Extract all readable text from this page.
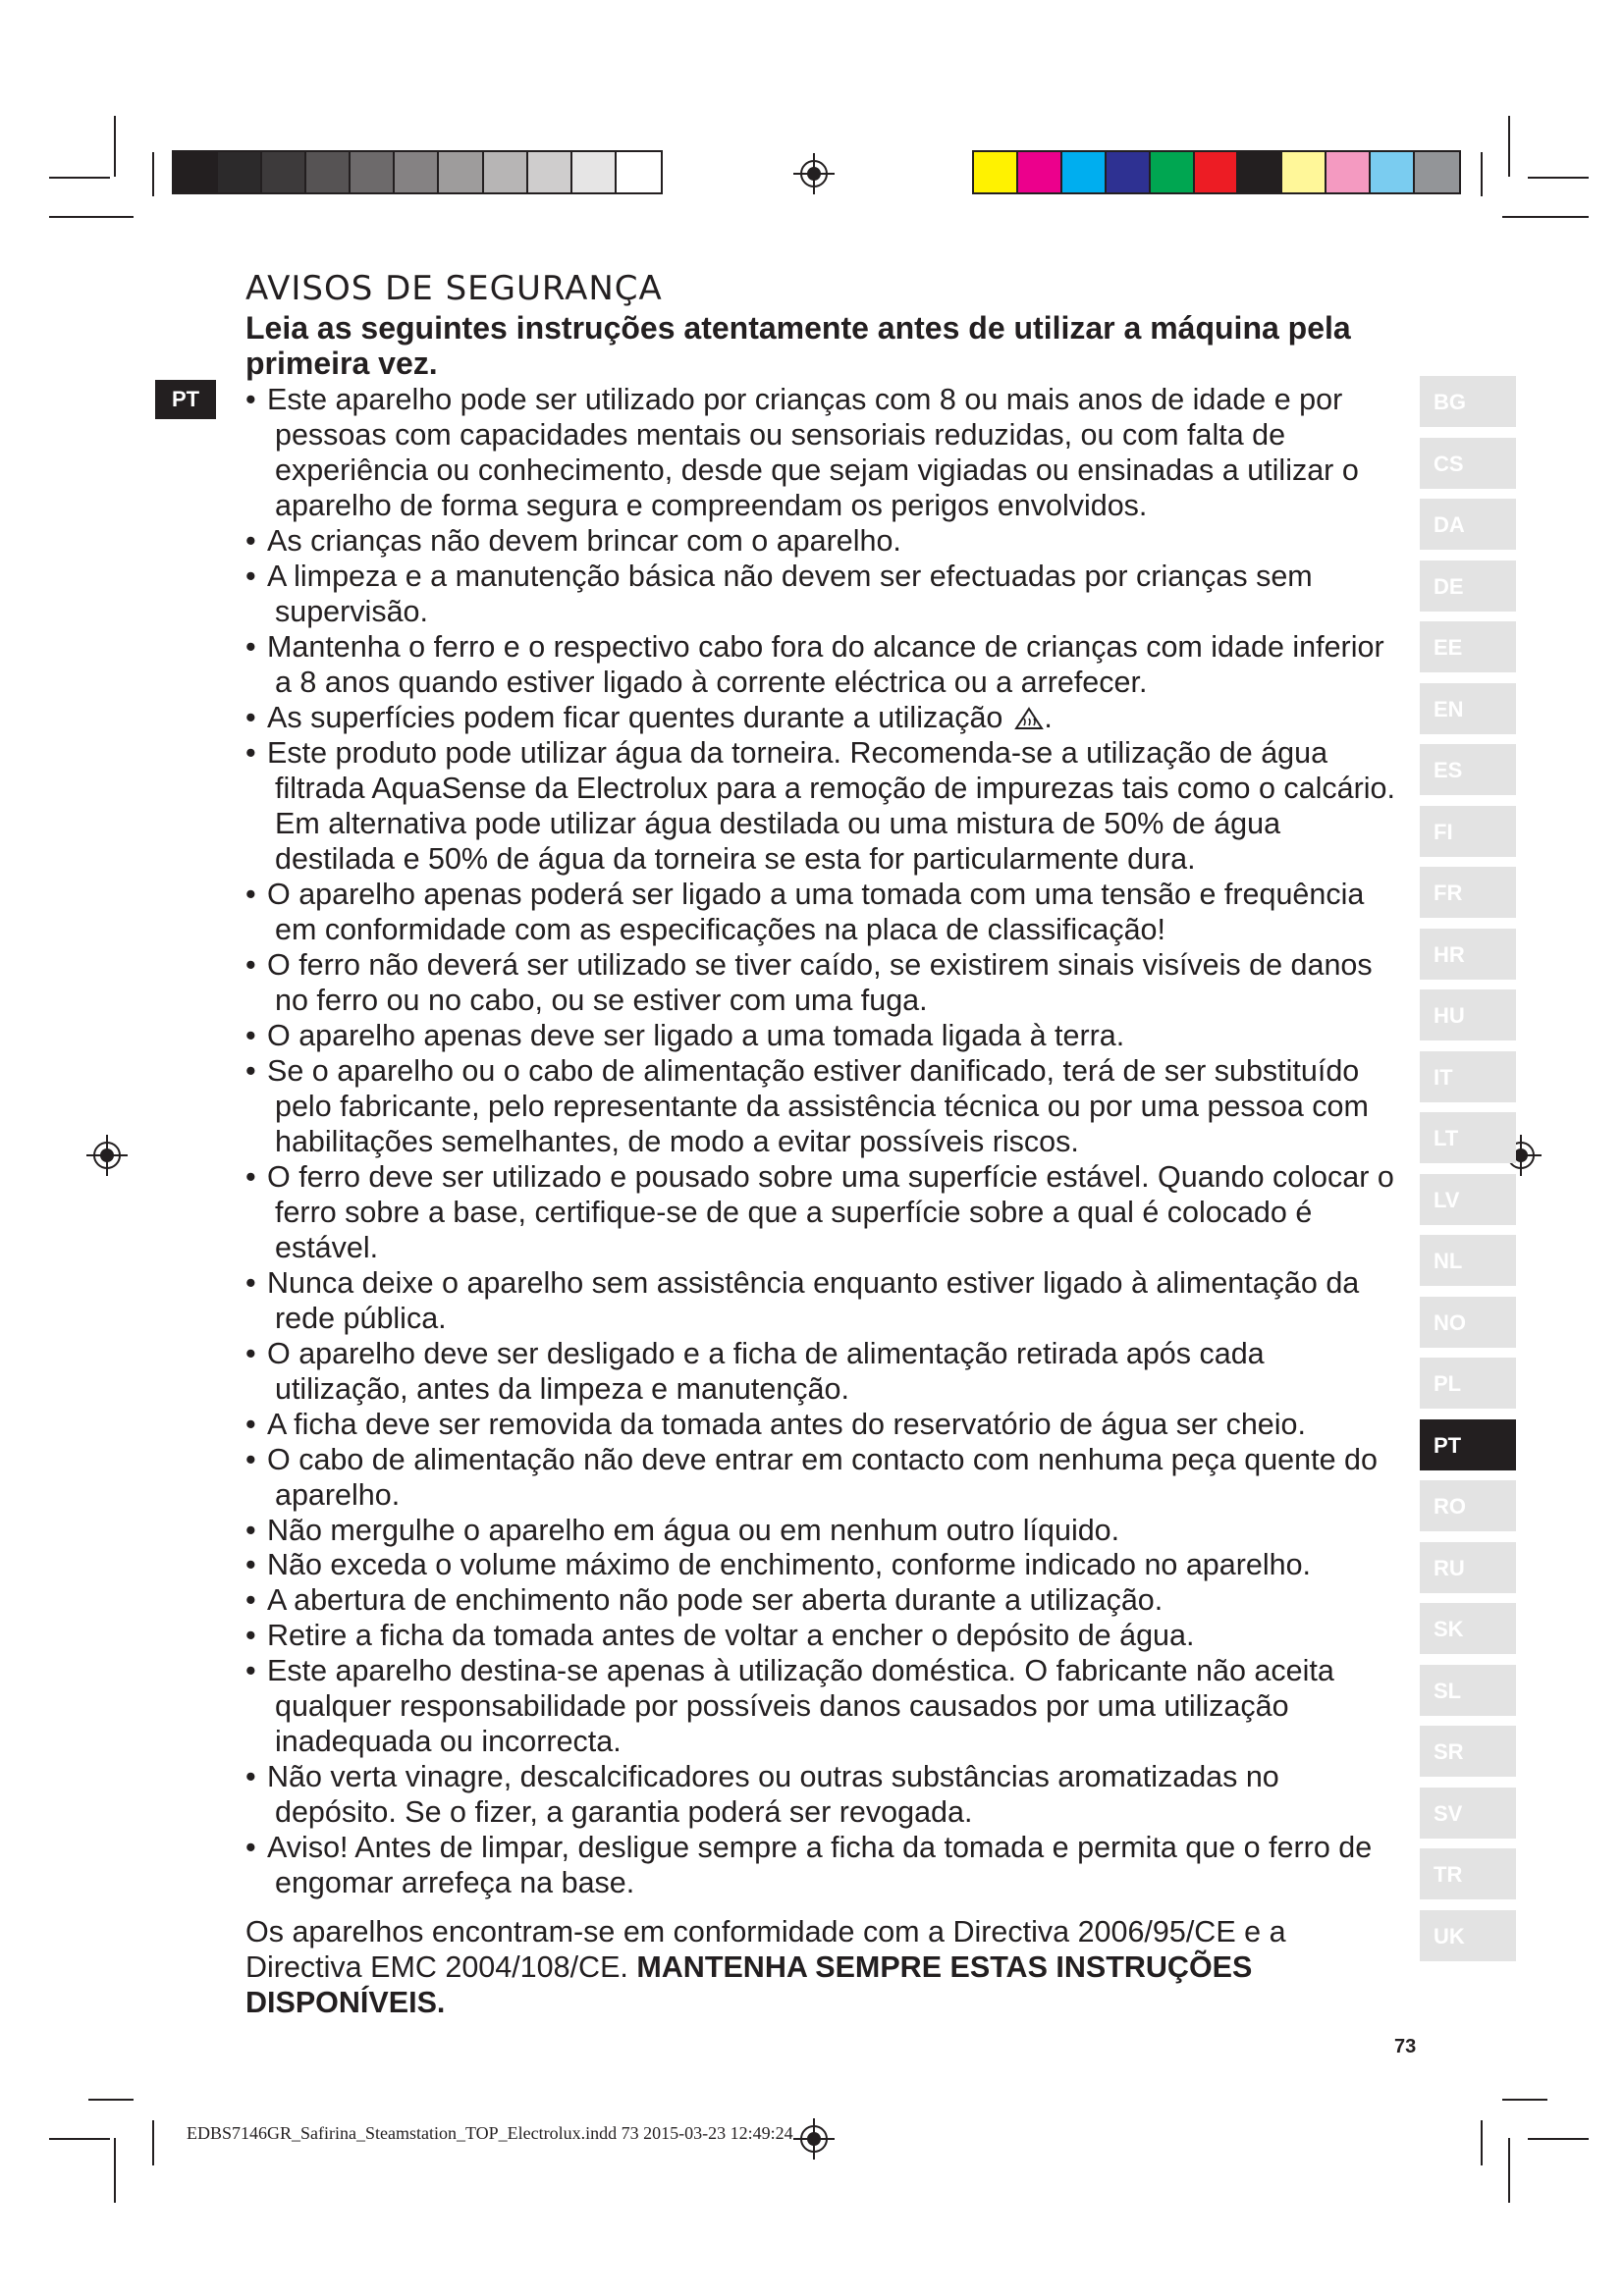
PT
AVISOS DE SEGURANÇA

Leia as seguintes instruções atentamente antes de utilizar a máquina pela primeira vez.

• Este aparelho pode ser utilizado por crianças com 8 ou mais anos de idade e por pessoas com capacidades mentais ou sensoriais reduzidas, ou com falta de experiência ou conhecimento, desde que sejam vigiadas ou ensinadas a utilizar o aparelho de forma segura e compreendam os perigos envolvidos.
• As crianças não devem brincar com o aparelho.
• A limpeza e a manutenção básica não devem ser efectuadas por crianças sem supervisão.
• Mantenha o ferro e o respectivo cabo fora do alcance de crianças com idade inferior a 8 anos quando estiver ligado à corrente eléctrica ou a arrefecer.
• As superfícies podem ficar quentes durante a utilização .
• Este produto pode utilizar água da torneira. Recomenda-se a utilização de água filtrada AquaSense da Electrolux para a remoção de impurezas tais como o calcário. Em alternativa pode utilizar água destilada ou uma mistura de 50% de água destilada e 50% de água da torneira se esta for particularmente dura.
• O aparelho apenas poderá ser ligado a uma tomada com uma tensão e frequência em conformidade com as especificações na placa de classificação!
• O ferro não deverá ser utilizado se tiver caído, se existirem sinais visíveis de danos no ferro ou no cabo, ou se estiver com uma fuga.
• O aparelho apenas deve ser ligado a uma tomada ligada à terra.
• Se o aparelho ou o cabo de alimentação estiver danificado, terá de ser substituído pelo fabricante, pelo representante da assistência técnica ou por uma pessoa com habilitações semelhantes, de modo a evitar possíveis riscos.
• O ferro deve ser utilizado e pousado sobre uma superfície estável. Quando colocar o ferro sobre a base, certifique-se de que a superfície sobre a qual é colocado é estável.
• Nunca deixe o aparelho sem assistência enquanto estiver ligado à alimentação da rede pública.
• O aparelho deve ser desligado e a ficha de alimentação retirada após cada utilização, antes da limpeza e manutenção.
• A ficha deve ser removida da tomada antes do reservatório de água ser cheio.
• O cabo de alimentação não deve entrar em contacto com nenhuma peça quente do aparelho.
• Não mergulhe o aparelho em água ou em nenhum outro líquido.
• Não exceda o volume máximo de enchimento, conforme indicado no aparelho.
• A abertura de enchimento não pode ser aberta durante a utilização.
• Retire a ficha da tomada antes de voltar a encher o depósito de água.
• Este aparelho destina-se apenas à utilização doméstica. O fabricante não aceita qualquer responsabilidade por possíveis danos causados por uma utilização inadequada ou incorrecta.
• Não verta vinagre, descalcificadores ou outras substâncias aromatizadas no depósito. Se o fizer, a garantia poderá ser revogada.
• Aviso! Antes de limpar, desligue sempre a ficha da tomada e permita que o ferro de engomar arrefeça na base.

Os aparelhos encontram-se em conformidade com a Directiva 2006/95/CE e a Directiva EMC 2004/108/CE. MANTENHA SEMPRE ESTAS INSTRUÇÕES DISPONÍVEIS.

BG
CS
DA
DE
EE
EN
ES
FI
FR
HR
HU
IT
LT
LV
NL
NO
PL
PT
RO
RU
SK
SL
SR
SV
TR
UK
73
EDBS7146GR_Safirina_Steamstation_TOP_Electrolux.indd 73 2015-03-23 12:49:24
